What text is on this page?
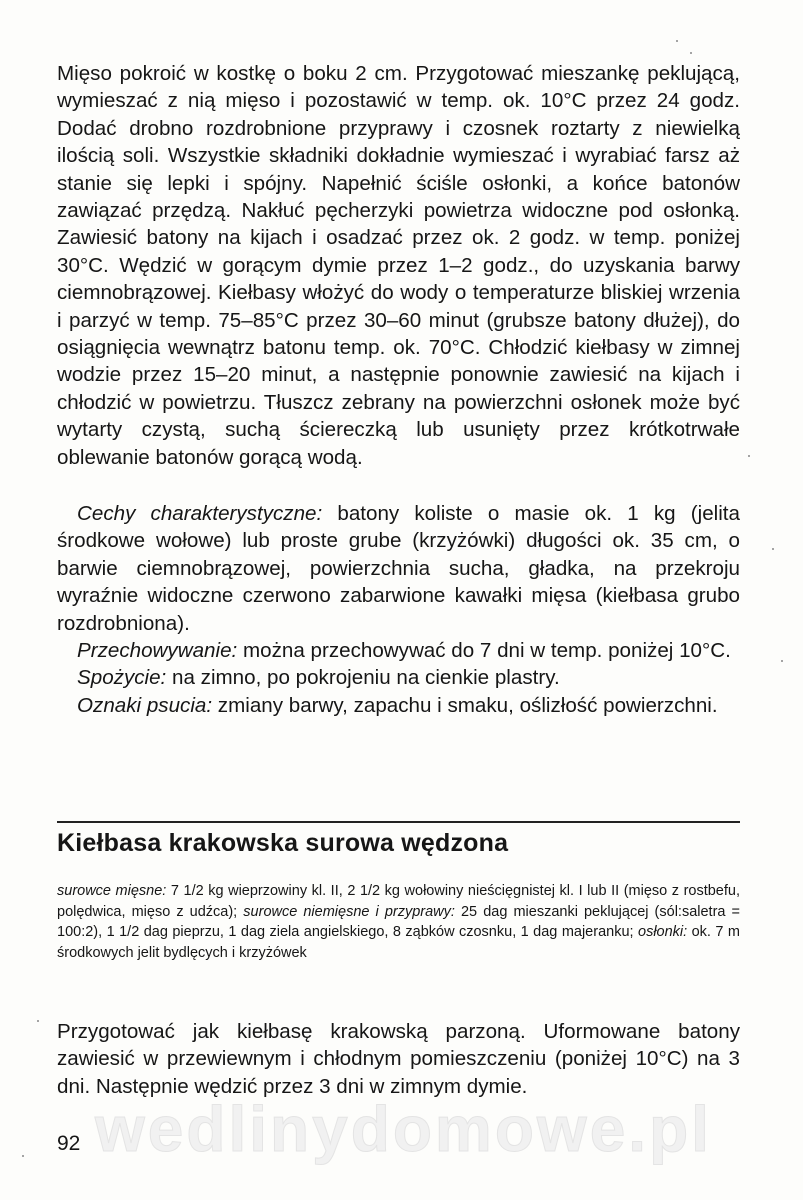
Mięso pokroić w kostkę o boku 2 cm. Przygotować mieszankę peklującą, wymieszać z nią mięso i pozostawić w temp. ok. 10°C przez 24 godz. Dodać drobno rozdrobnione przyprawy i czosnek roztarty z niewielką ilością soli. Wszystkie składniki dokładnie wymieszać i wyrabiać farsz aż stanie się lepki i spójny. Napełnić ściśle osłonki, a końce batonów zawiązać przędzą. Nakłuć pęcherzyki powietrza widoczne pod osłonką. Zawiesić batony na kijach i osadzać przez ok. 2 godz. w temp. poniżej 30°C. Wędzić w gorącym dymie przez 1–2 godz., do uzyskania barwy ciemnobrązowej. Kiełbasy włożyć do wody o temperaturze bliskiej wrzenia i parzyć w temp. 75–85°C przez 30–60 minut (grubsze batony dłużej), do osiągnięcia wewnątrz batonu temp. ok. 70°C. Chłodzić kiełbasy w zimnej wodzie przez 15–20 minut, a następnie ponownie zawiesić na kijach i chłodzić w powietrzu. Tłuszcz zebrany na powierzchni osłonek może być wytarty czystą, suchą ściereczką lub usunięty przez krótkotrwałe oblewanie batonów gorącą wodą.

Cechy charakterystyczne: batony koliste o masie ok. 1 kg (jelita środkowe wołowe) lub proste grube (krzyżówki) długości ok. 35 cm, o barwie ciemnobrązowej, powierzchnia sucha, gładka, na przekroju wyraźnie widoczne czerwono zabarwione kawałki mięsa (kiełbasa grubo rozdrobniona).

Przechowywanie: można przechowywać do 7 dni w temp. poniżej 10°C.

Spożycie: na zimno, po pokrojeniu na cienkie plastry.

Oznaki psucia: zmiany barwy, zapachu i smaku, oślizłość powierzchni.

Kiełbasa krakowska surowa wędzona

surowce mięsne: 7 1/2 kg wieprzowiny kl. II, 2 1/2 kg wołowiny nieścięgnistej kl. I lub II (mięso z rostbefu, polędwica, mięso z udźca); surowce niemięsne i przyprawy: 25 dag mieszanki peklującej (sól:saletra = 100:2), 1 1/2 dag pieprzu, 1 dag ziela angielskiego, 8 ząbków czosnku, 1 dag majeranku; osłonki: ok. 7 m środkowych jelit bydlęcych i krzyżówek

Przygotować jak kiełbasę krakowską parzoną. Uformowane batony zawiesić w przewiewnym i chłodnym pomieszczeniu (poniżej 10°C) na 3 dni. Następnie wędzić przez 3 dni w zimnym dymie.

wedlinydomowe.pl

92
